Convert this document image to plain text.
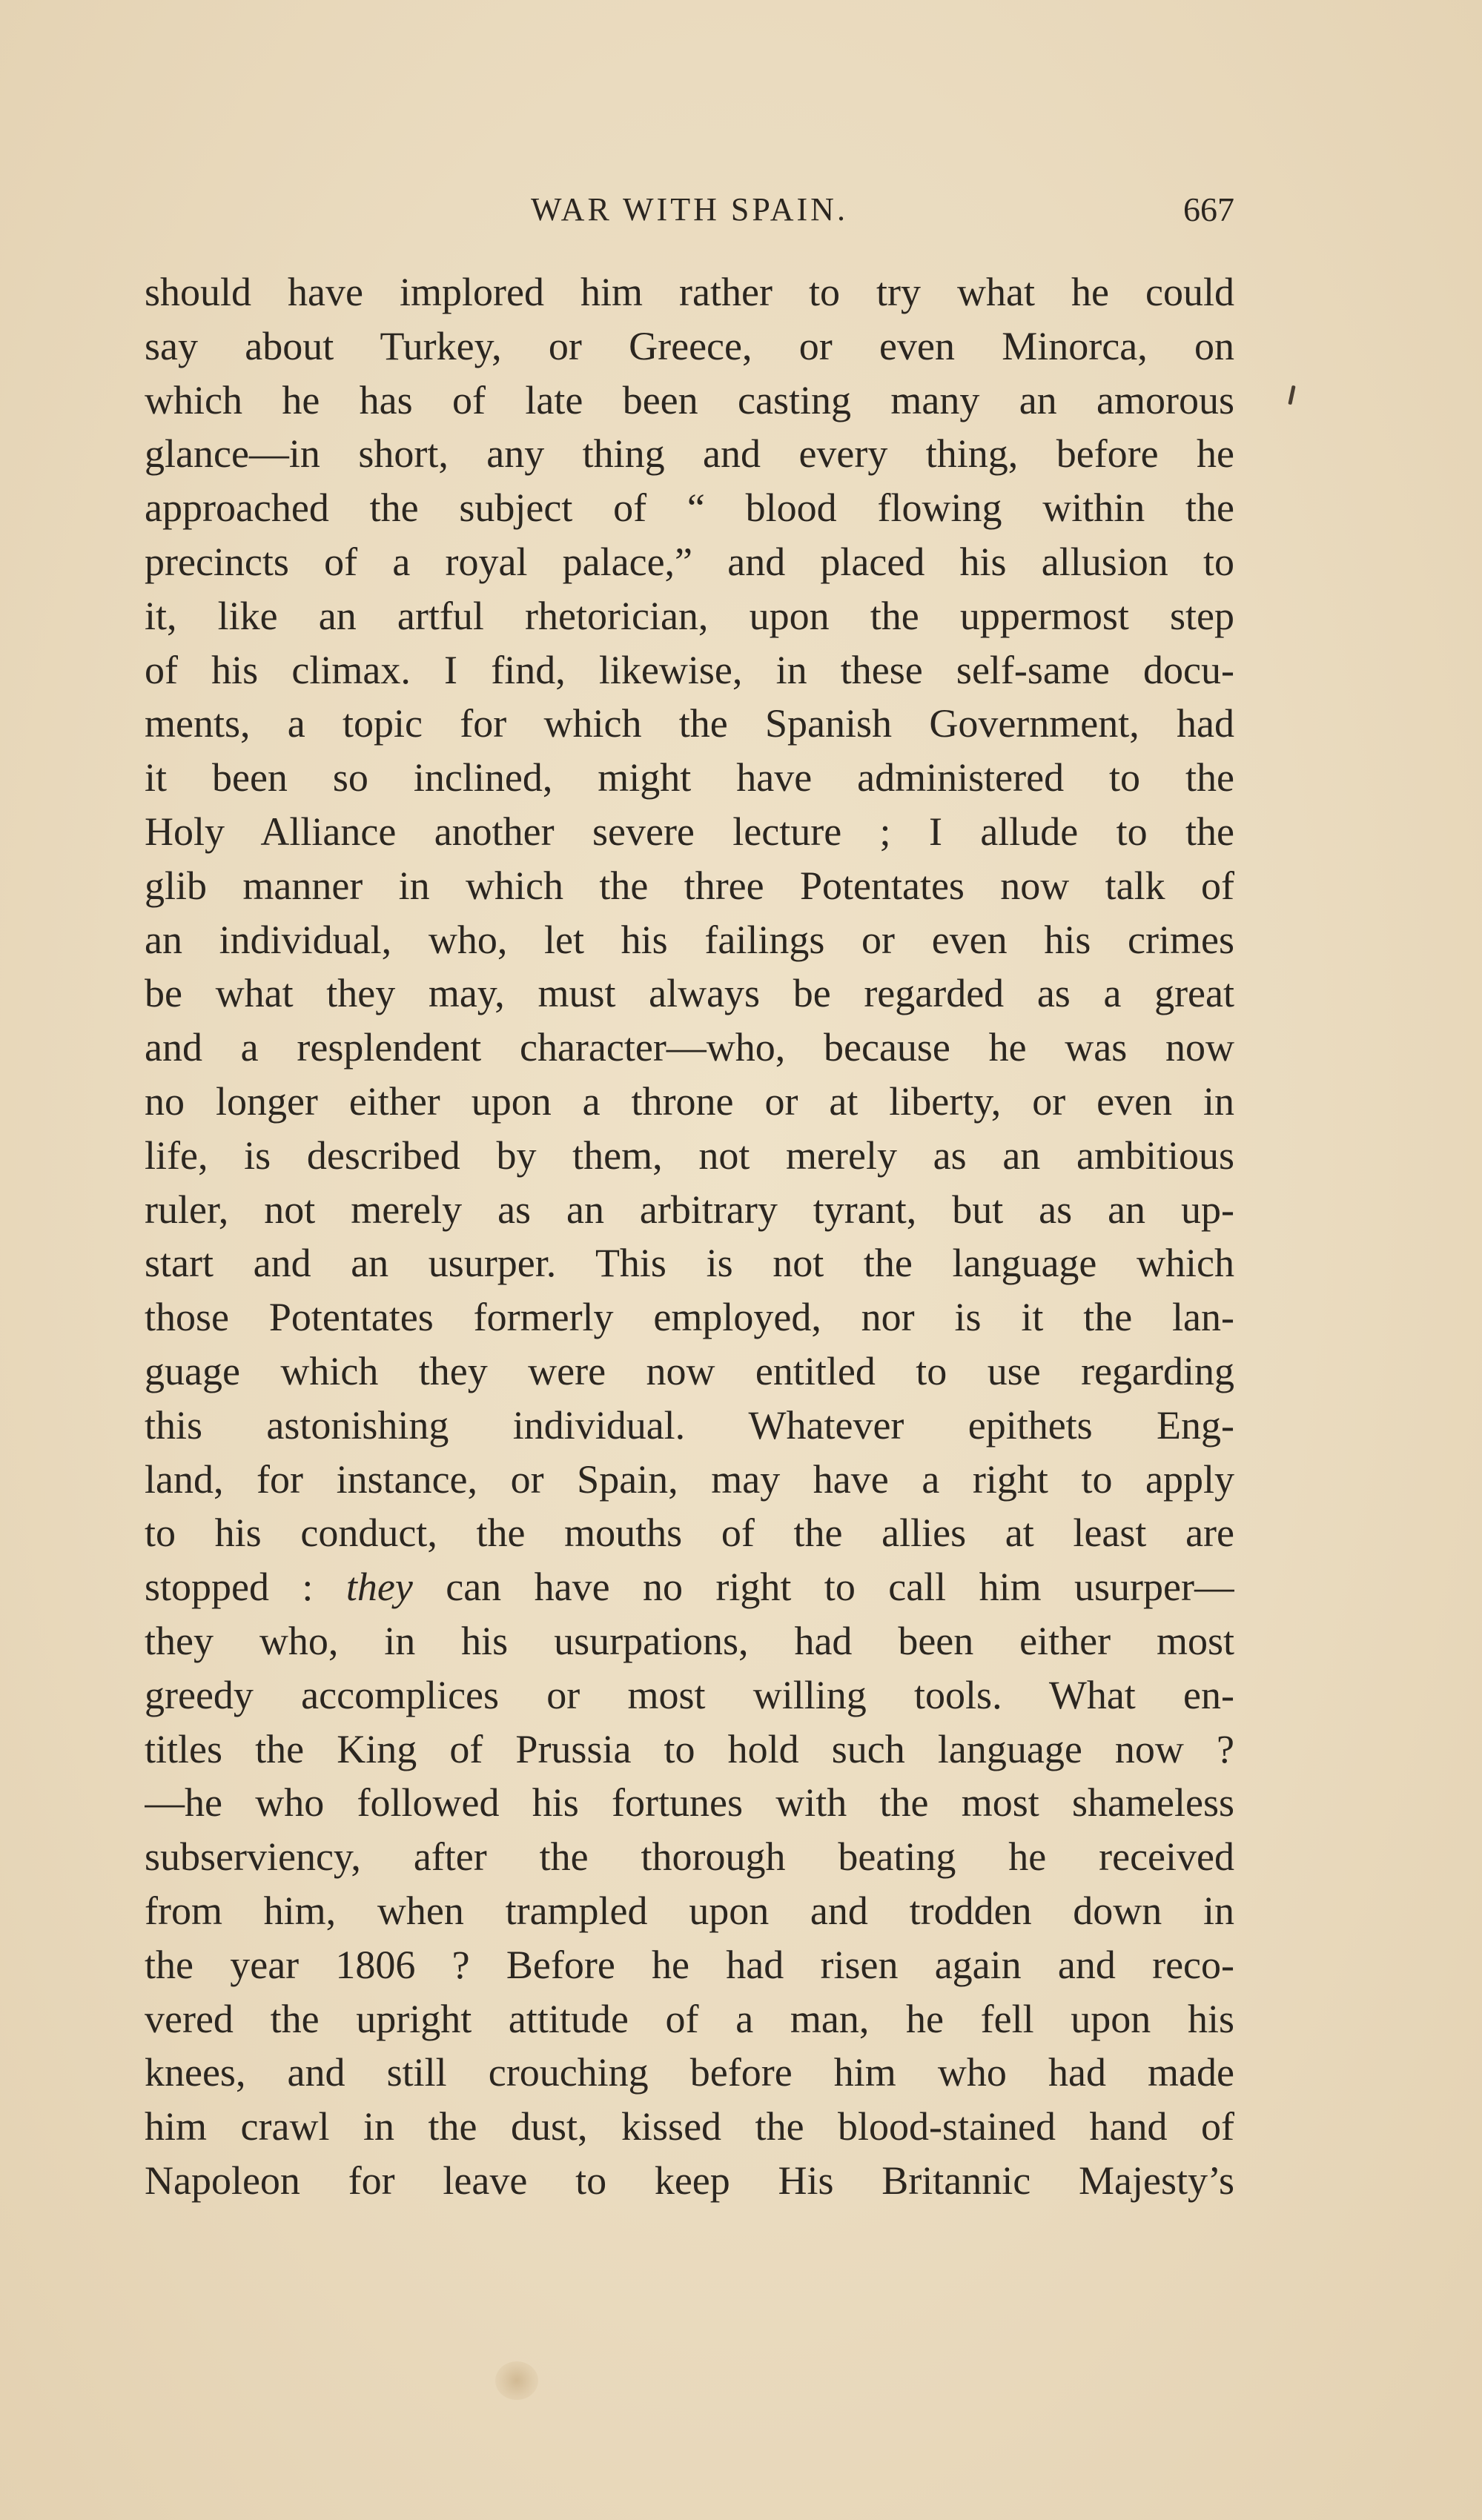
WAR WITH SPAIN.	667
should have implored him rather to try what he could
say about Turkey, or Greece, or even Minorca, on
which he has of late been casting many an amorous
glance—in short, any thing and every thing, before he
approached the subject of “ blood flowing within the
precincts of a royal palace,” and placed his allusion to
it, like an artful rhetorician, upon the uppermost step
of his climax. I find, likewise, in these self-same docu-
ments, a topic for which the Spanish Government, had
it been so inclined, might have administered to the
Holy Alliance another severe lecture ; I allude to the
glib manner in which the three Potentates now talk of
an individual, who, let his failings or even his crimes
be what they may, must always be regarded as a great
and a resplendent character—who, because he was now
no longer either upon a throne or at liberty, or even in
life, is described by them, not merely as an ambitious
ruler, not merely as an arbitrary tyrant, but as an up-
start and an usurper. This is not the language which
those Potentates formerly employed, nor is it the lan-
guage which they were now entitled to use regarding
this astonishing individual. Whatever epithets Eng-
land, for instance, or Spain, may have a right to apply
to his conduct, the mouths of the allies at least are
stopped : they can have no right to call him usurper—
they who, in his usurpations, had been either most
greedy accomplices or most willing tools. What en-
titles the King of Prussia to hold such language now ?
—he who followed his fortunes with the most shameless
subserviency, after the thorough beating he received
from him, when trampled upon and trodden down in
the year 1806 ? Before he had risen again and reco-
vered the upright attitude of a man, he fell upon his
knees, and still crouching before him who had made
him crawl in the dust, kissed the blood-stained hand of
Napoleon for leave to keep His Britannic Majesty’s
